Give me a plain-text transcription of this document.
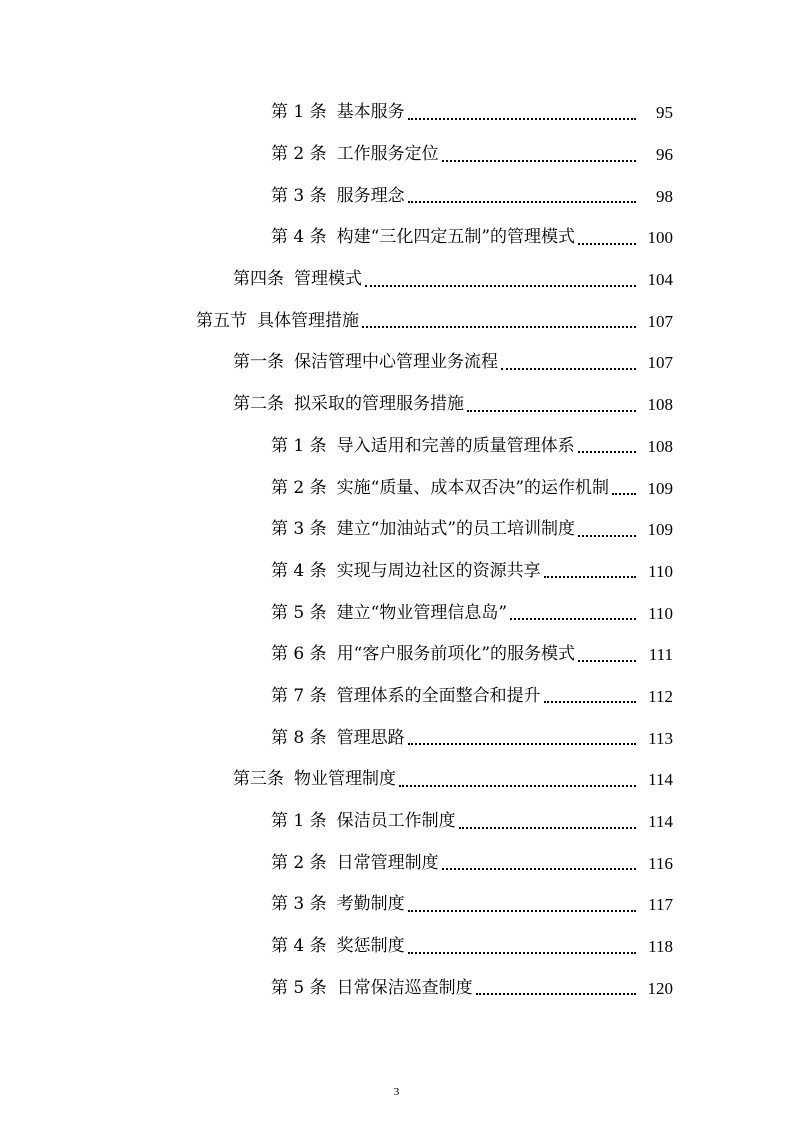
第 1 条 基本服务	95
第 2 条 工作服务定位	96
第 3 条 服务理念	98
第 4 条 构建“三化四定五制”的管理模式	100
第四条 管理模式	104
第五节 具体管理措施	107
第一条 保洁管理中心管理业务流程	107
第二条 拟采取的管理服务措施	108
第 1 条 导入适用和完善的质量管理体系	108
第 2 条 实施“质量、成本双否决”的运作机制	109
第 3 条 建立“加油站式”的员工培训制度	109
第 4 条 实现与周边社区的资源共享	110
第 5 条 建立“物业管理信息岛”	110
第 6 条 用“客户服务前项化”的服务模式	111
第 7 条 管理体系的全面整合和提升	112
第 8 条 管理思路	113
第三条 物业管理制度	114
第 1 条 保洁员工作制度	114
第 2 条 日常管理制度	116
第 3 条 考勤制度	117
第 4 条 奖惩制度	118
第 5 条 日常保洁巡查制度	120
3
